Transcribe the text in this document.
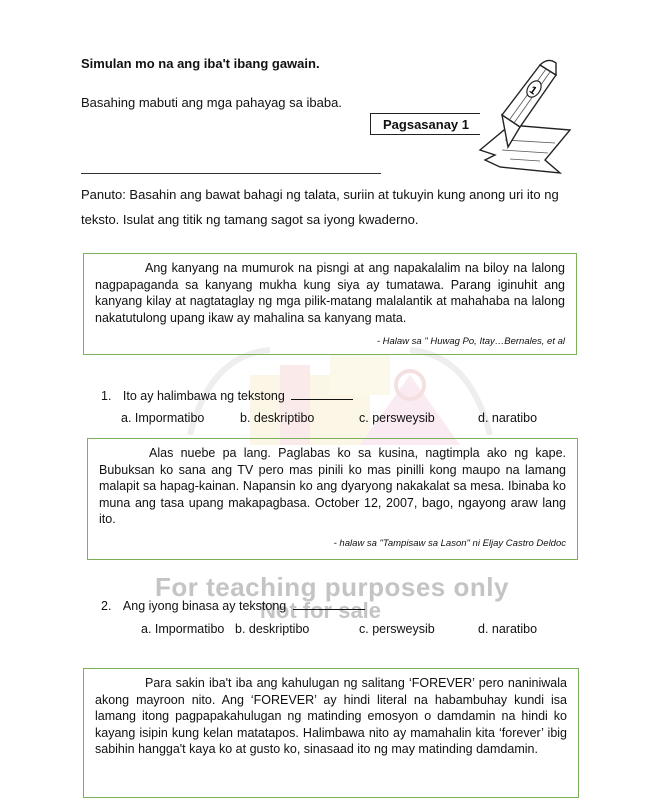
Simulan mo na ang iba't ibang gawain.
Basahing mabuti ang mga pahayag sa ibaba.
Pagsasanay 1
1
Panuto: Basahin ang bawat bahagi ng talata, suriin at tukuyin kung anong uri ito ng teksto. Isulat ang titik ng tamang sagot sa iyong kwaderno.

Ang kanyang na mumurok na pisngi at ang napakalalim na biloy na lalong nagpapaganda sa kanyang mukha kung siya ay tumatawa. Parang iginuhit ang kanyang kilay at nagtataglay ng mga pilik-matang malalantik at mahahaba na lalong nakatutulong upang ikaw ay mahalina sa kanyang mata.

- Halaw sa " Huwag Po, Itay…Bernales, et al
1. Ito ay halimbawa ng tekstong
a. Impormatibo	b. deskriptibo	c. persweysib	d. naratibo

Alas nuebe pa lang. Paglabas ko sa kusina, nagtimpla ako ng kape. Bubuksan ko sana ang TV pero mas pinili ko mas pinilli kong maupo na lamang malapit sa hapag-kainan. Napansin ko ang dyaryong nakakalat sa mesa. Ibinaba ko muna ang tasa upang makapagbasa. October 12, 2007, bago, ngayong araw lang ito.

- halaw sa "Tampisaw sa Lason" ni Eljay Castro Deldoc
For teaching purposes only
Not for sale
2. Ang iyong binasa ay tekstong
a. Impormatibo b. deskriptibo	c. persweysib	d. naratibo

Para sakin iba't iba ang kahulugan ng salitang ‘FOREVER’ pero naniniwala akong mayroon nito. Ang ‘FOREVER’ ay hindi literal na habambuhay kundi isa lamang itong pagpapakahulugan ng matinding emosyon o damdamin na hindi ko kayang isipin kung kelan matatapos. Halimbawa nito ay mamahalin kita ‘forever’ ibig sabihin hangga't kaya ko at gusto ko, sinasaad ito ng may matinding damdamin.
